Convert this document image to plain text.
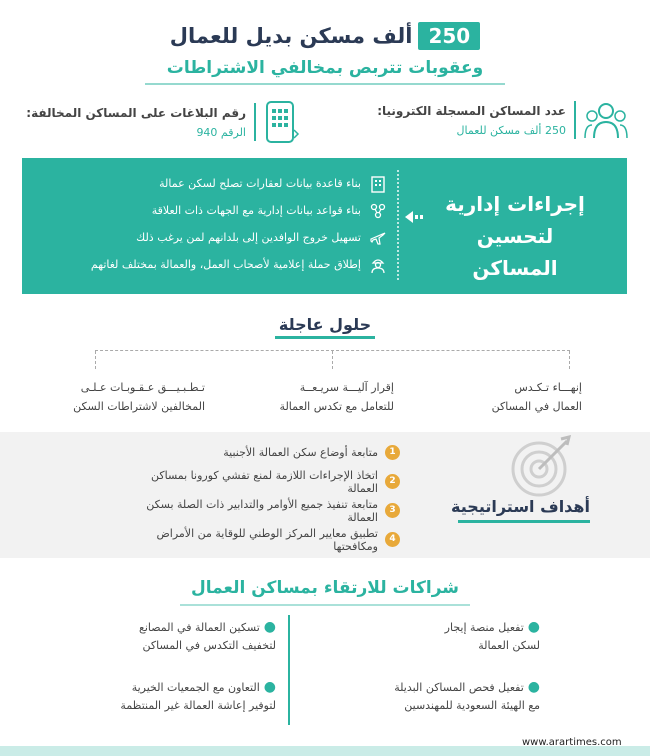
250
ألف مسكن بديل للعمال
وعقوبات تتربص بمخالفي الاشتراطات
عدد المساكن المسجلة الكترونيا:
250 ألف مسكن للعمال
رقم البلاغات على المساكن المخالفة:
الرقم 940
إجراءات إدارية
لتحسين المساكن
بناء قاعدة بيانات لعقارات تصلح لسكن عمالة
بناء قواعد بيانات إدارية مع الجهات ذات العلاقة
تسهيل خروج الوافدين إلى بلدانهم لمن يرغب ذلك
إطلاق حملة إعلامية لأصحاب العمل، والعمالة بمختلف لغاتهم
حلول عاجلة
إنهـــاء تـكـدس
العمال في المساكن
إقرار آليـــة سريـعــة
للتعامل مع تكدس العمالة
تـطـبـيـــق عـقـوبـات عـلـى
المخالفين لاشتراطات السكن
أهداف استراتيجية
1
متابعة أوضاع سكن العمالة الأجنبية
2
اتخاذ الإجراءات اللازمة لمنع تفشي كورونا بمساكن العمالة
3
متابعة تنفيذ جميع الأوامر والتدابير ذات الصلة بسكن العمالة
4
تطبيق معايير المركز الوطني للوقاية من الأمراض ومكافحتها
شراكات للارتقاء بمساكن العمال
●تفعيل منصة إيجار
لسكن العمالة
●تسكين العمالة في المصانع
لتخفيف التكدس في المساكن
●تفعيل فحص المساكن البديلة
مع الهيئة السعودية للمهندسين
●التعاون مع الجمعيات الخيرية
لتوفير إعاشة العمالة غير المنتظمة
www.arartimes.com
